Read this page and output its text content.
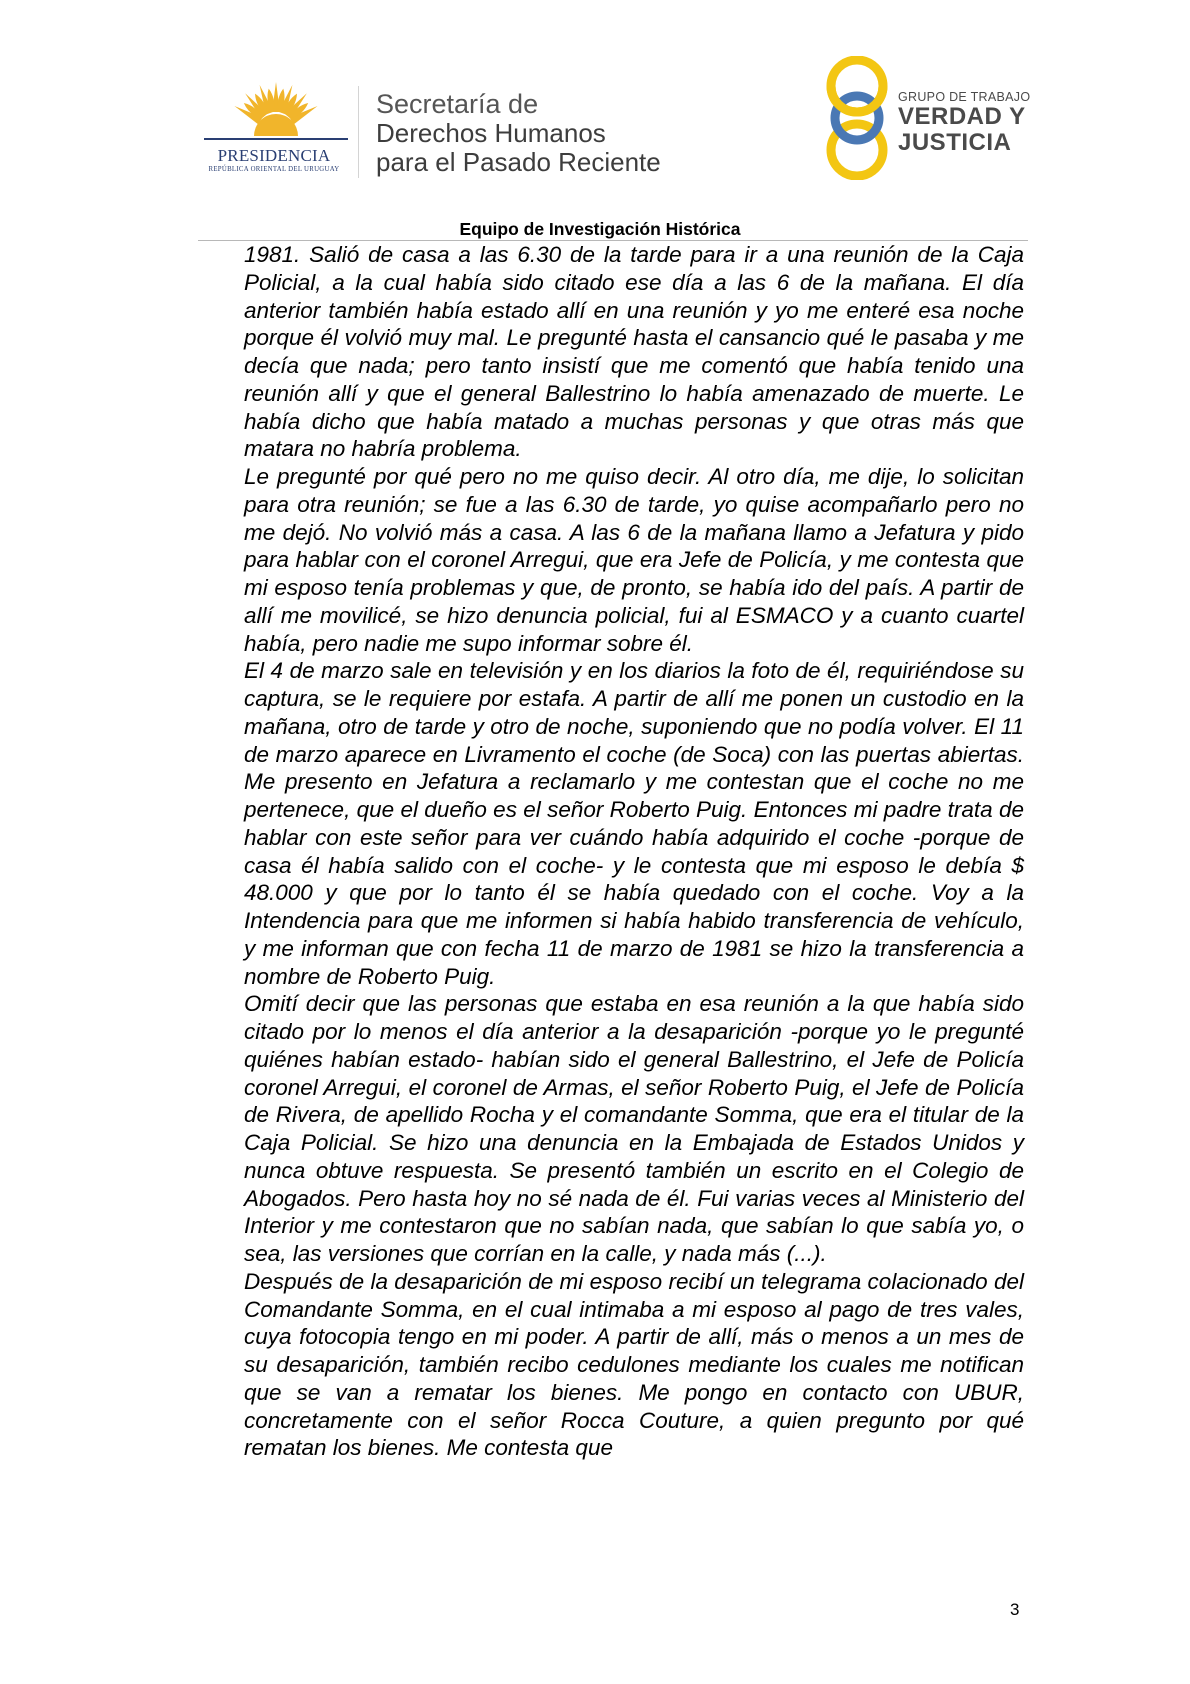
PRESIDENCIA
REPÚBLICA ORIENTAL DEL URUGUAY
Secretaría de
Derechos Humanos
para el Pasado Reciente
GRUPO DE TRABAJO
VERDAD Y
JUSTICIA
Equipo de Investigación Histórica

1981. Salió de casa a las 6.30 de la tarde para ir a una reunión de la Caja Policial, a la cual había sido citado ese día a las 6 de la mañana. El día anterior también había estado allí en una reunión y yo me enteré esa noche porque él volvió muy mal. Le pregunté hasta el cansancio qué le pasaba y me decía que nada; pero tanto insistí que me comentó que había tenido una reunión allí y que el general Ballestrino lo había amenazado de muerte. Le había dicho que había matado a muchas personas y que otras más que matara no habría problema.

Le pregunté por qué pero no me quiso decir. Al otro día, me dije, lo solicitan para otra reunión; se fue a las 6.30 de tarde, yo quise acompañarlo pero no me dejó. No volvió más a casa. A las 6 de la mañana llamo a Jefatura y pido para hablar con el coronel Arregui, que era Jefe de Policía, y me contesta que mi esposo tenía problemas y que, de pronto, se había ido del país. A partir de allí me movilicé, se hizo denuncia policial, fui al ESMACO y a cuanto cuartel había, pero nadie me supo informar sobre él.

El 4 de marzo sale en televisión y en los diarios la foto de él, requiriéndose su captura, se le requiere por estafa. A partir de allí me ponen un custodio en la mañana, otro de tarde y otro de noche, suponiendo que no podía volver. El 11 de marzo aparece en Livramento el coche (de Soca) con las puertas abiertas. Me presento en Jefatura a reclamarlo y me contestan que el coche no me pertenece, que el dueño es el señor Roberto Puig. Entonces mi padre trata de hablar con este señor para ver cuándo había adquirido el coche -porque de casa él había salido con el coche- y le contesta que mi esposo le debía $ 48.000 y que por lo tanto él se había quedado con el coche. Voy a la Intendencia para que me informen si había habido transferencia de vehículo, y me informan que con fecha 11 de marzo de 1981 se hizo la transferencia a nombre de Roberto Puig.

Omití decir que las personas que estaba en esa reunión a la que había sido citado por lo menos el día anterior a la desaparición -porque yo le pregunté quiénes habían estado- habían sido el general Ballestrino, el Jefe de Policía coronel Arregui, el coronel de Armas, el señor Roberto Puig, el Jefe de Policía de Rivera, de apellido Rocha y el comandante Somma, que era el titular de la Caja Policial. Se hizo una denuncia en la Embajada de Estados Unidos y nunca obtuve respuesta. Se presentó también un escrito en el Colegio de Abogados. Pero hasta hoy no sé nada de él. Fui varias veces al Ministerio del Interior y me contestaron que no sabían nada, que sabían lo que sabía yo, o sea, las versiones que corrían en la calle, y nada más (...).

Después de la desaparición de mi esposo recibí un telegrama colacionado del Comandante Somma, en el cual intimaba a mi esposo al pago de tres vales, cuya fotocopia tengo en mi poder. A partir de allí, más o menos a un mes de su desaparición, también recibo cedulones mediante los cuales me notifican que se van a rematar los bienes. Me pongo en contacto con UBUR, concretamente con el señor Rocca Couture, a quien pregunto por qué rematan los bienes. Me contesta que

3
